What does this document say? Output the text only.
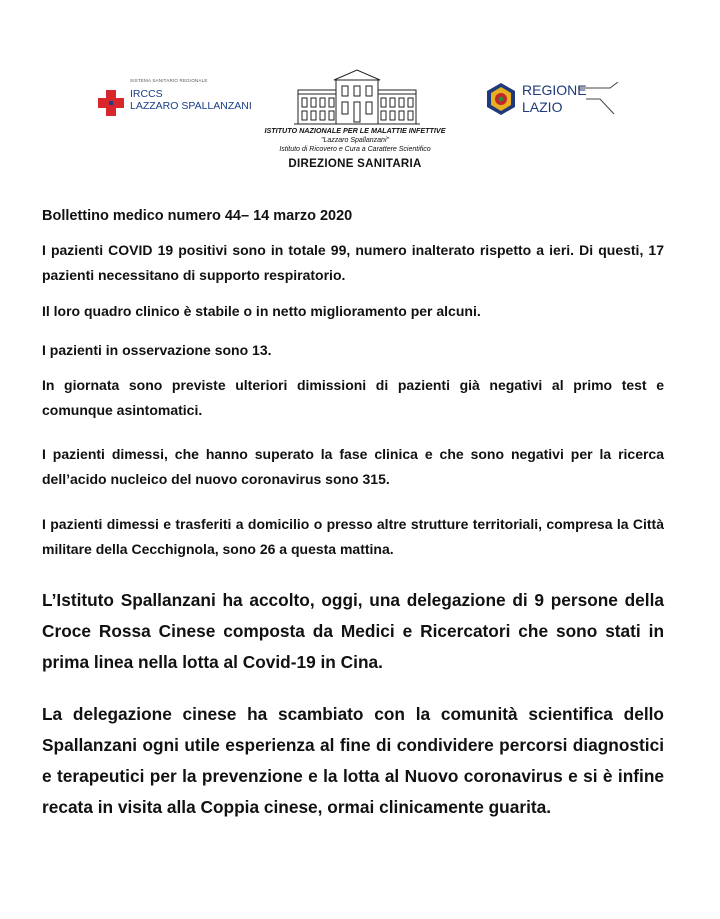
SISTEMA SANITARIO REGIONALE
IRCCS
LAZZARO SPALLANZANI
ISTITUTO NAZIONALE PER LE MALATTIE INFETTIVE
"Lazzaro Spallanzani"
Istituto di Ricovero e Cura a Carattere Scientifico
DIREZIONE SANITARIA
REGIONE
LAZIO
Bollettino medico numero 44– 14 marzo 2020

I pazienti COVID 19 positivi sono in totale 99, numero inalterato rispetto a ieri. Di questi, 17 pazienti necessitano di supporto respiratorio.

Il loro quadro clinico è stabile o in netto miglioramento per alcuni.

I pazienti in osservazione sono 13.

In giornata sono previste ulteriori dimissioni di pazienti già negativi al primo test e comunque asintomatici.

I pazienti dimessi, che hanno superato la fase clinica e che sono negativi per la ricerca dell’acido nucleico del nuovo coronavirus sono 315.

I pazienti dimessi e trasferiti a domicilio o presso altre strutture territoriali, compresa la Città militare della Cecchignola, sono 26 a questa mattina.

L’Istituto Spallanzani ha accolto, oggi, una delegazione di 9 persone della Croce Rossa Cinese composta da Medici e Ricercatori che sono stati in prima linea nella lotta al Covid-19 in Cina.

La delegazione cinese ha scambiato con la comunità scientifica dello Spallanzani ogni utile esperienza al fine di condividere percorsi diagnostici e terapeutici per la prevenzione e la lotta al Nuovo coronavirus e si è infine recata in visita alla Coppia cinese, ormai clinicamente guarita.
